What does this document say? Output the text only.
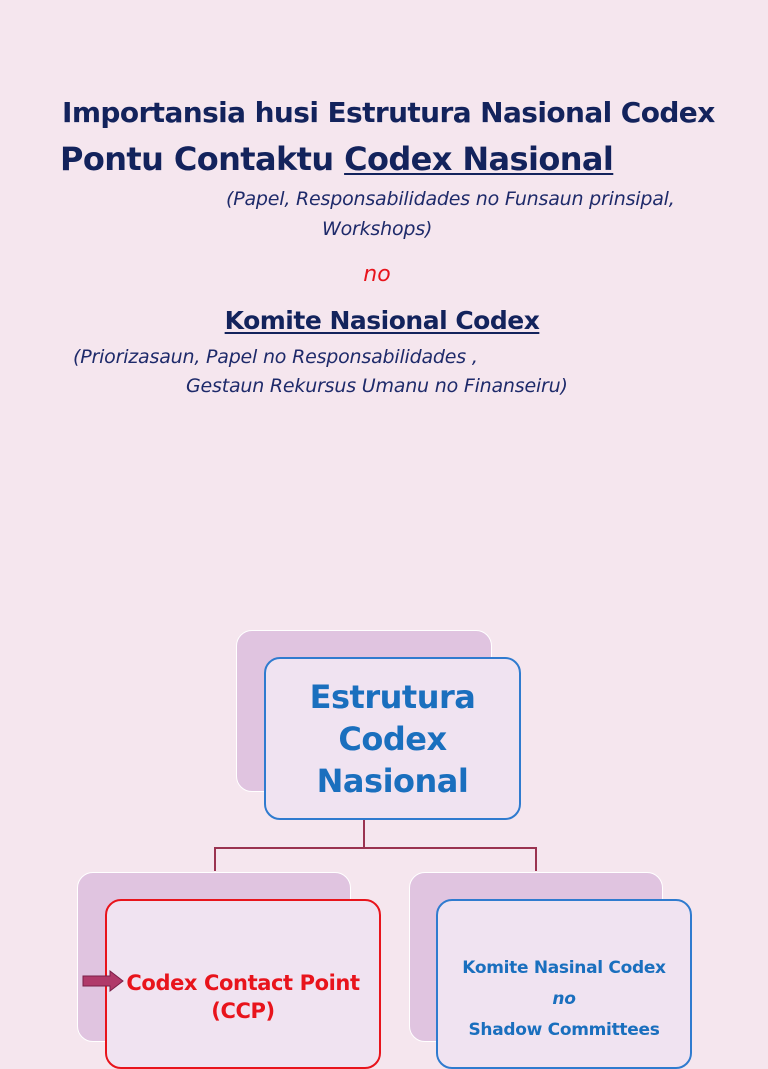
Importansia husi Estrutura Nasional Codex
Pontu Contaktu Codex Nasional

(Papel, Responsabilidades no Funsaun prinsipal,

Workshops)

no

Komite Nasional Codex

(Priorizasaun, Papel no Responsabilidades ,

Gestaun Rekursus Umanu no Finanseiru)

Estrutura
Codex
Nasional
Codex Contact Point
(CCP)
Komite Nasinal Codex
no
Shadow Committees
